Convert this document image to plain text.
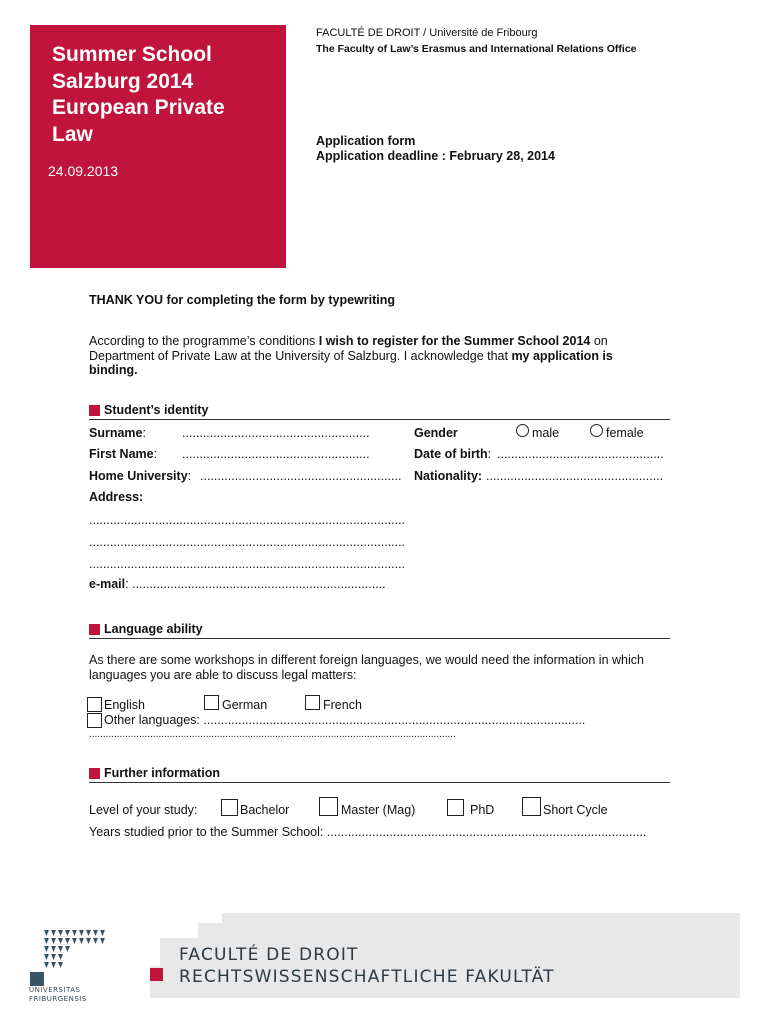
Summer School
Salzburg 2014
European Private
Law
24.09.2013
FACULTÉ DE DROIT / Université de Fribourg
The Faculty of Law’s Erasmus and International Relations Office
Application form
Application deadline : February 28, 2014
THANK YOU for completing the form by typewriting
According to the programme’s conditions I wish to register for the Summer School 2014 on
Department of Private Law at the University of Salzburg. I acknowledge that my application is
binding.
Student’s identity
Surname:	......................................................	Gender	male	female
First Name: ......................................................	Date of birth: ................................................
Home University: .......................................................... Nationality: ...................................................
Address:
...........................................................................................
...........................................................................................
...........................................................................................
e-mail: .........................................................................
Language ability
As there are some workshops in different foreign languages, we would need the information in which
languages you are able to discuss legal matters:
English	German	French
Other languages: ..............................................................................................................
....................................................................................................................................
Further information
Level of your study:	Bachelor	Master (Mag)	PhD	Short Cycle
Years studied prior to the Summer School: ............................................................................................
FACULTÉ DE DROIT
RECHTSWISSENSCHAFTLICHE FAKULTÄT
UNIVERSITAS
FRIBURGENSIS
